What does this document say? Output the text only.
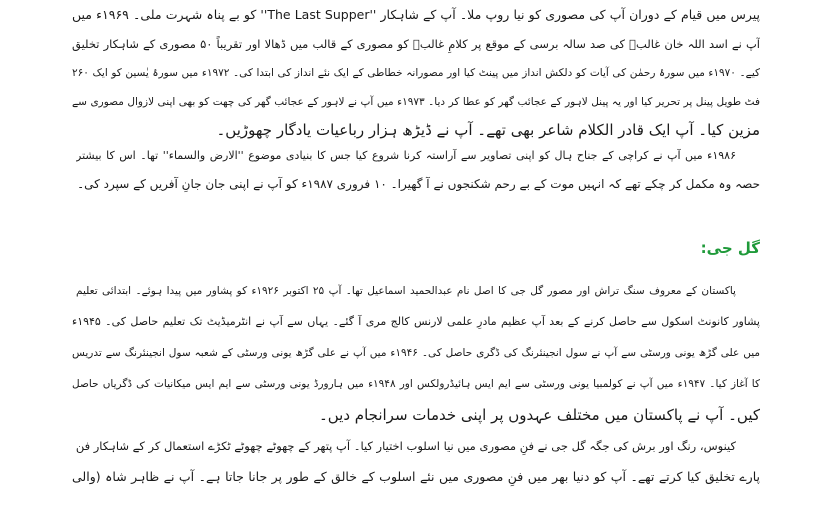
پیرس میں قیام کے دوران آپ کی مصوری کو نیا روپ ملا۔ آپ کے شاہکار ''The Last Supper'' کو بے پناہ شہرت ملی۔ ۱۹۶۹ء میں
آپ نے اسد اللہ خان غالبؔ کی صد سالہ برسی کے موقع پر کلامِ غالبؔ کو مصوری کے قالب میں ڈھالا اور تقریباً ۵۰ مصوری کے شاہکار تخلیق
کیے۔ ۱۹۷۰ء میں سورۂ رحمٰن کی آیات کو دلکش انداز میں پینٹ کیا اور مصورانہ خطاطی کے ایک نئے انداز کی ابتدا کی۔ ۱۹۷۲ء میں سورۂ یٰسین کو ایک ۲۶۰
فٹ طویل پینل پر تحریر کیا اور یہ پینل لاہور کے عجائب گھر کو عطا کر دیا۔ ۱۹۷۳ء میں آپ نے لاہور کے عجائب گھر کی چھت کو بھی اپنی لازوال مصوری سے
مزین کیا۔ آپ ایک قادر الکلام شاعر بھی تھے۔ آپ نے ڈیڑھ ہزار رباعیات یادگار چھوڑیں۔
۱۹۸۶ء میں آپ نے کراچی کے جناح ہال کو اپنی تصاویر سے آراستہ کرنا شروع کیا جس کا بنیادی موضوع ''الارض والسماء'' تھا۔ اس کا بیشتر
حصہ وہ مکمل کر چکے تھے کہ انہیں موت کے بے رحم شکنجوں نے آ گھیرا۔ ۱۰ فروری ۱۹۸۷ء کو آپ نے اپنی جان جانِ آفریں کے سپرد کی۔
گل جی:
پاکستان کے معروف سنگ تراش اور مصور گل جی کا اصل نام عبدالحمید اسماعیل تھا۔ آپ ۲۵ اکتوبر ۱۹۲۶ء کو پشاور میں پیدا ہوئے۔ ابتدائی تعلیم
پشاور کانونٹ اسکول سے حاصل کرنے کے بعد آپ عظیم مادرِ علمی لارنس کالج مری آ گئے۔ یہاں سے آپ نے انٹرمیڈیٹ تک تعلیم حاصل کی۔ ۱۹۴۵ء
میں علی گڑھ یونی ورسٹی سے آپ نے سول انجینئرنگ کی ڈگری حاصل کی۔ ۱۹۴۶ء میں آپ نے علی گڑھ یونی ورسٹی کے شعبہ سول انجینئرنگ سے تدریس
کا آغاز کیا۔ ۱۹۴۷ء میں آپ نے کولمبیا یونی ورسٹی سے ایم ایس ہائیڈرولکس اور ۱۹۴۸ء میں ہارورڈ یونی ورسٹی سے ایم ایس میکانیات کی ڈگریاں حاصل
کیں۔ آپ نے پاکستان میں مختلف عہدوں پر اپنی خدمات سرانجام دیں۔
کینوس، رنگ اور برش کی جگہ گل جی نے فنِ مصوری میں نیا اسلوب اختیار کیا۔ آپ پتھر کے چھوٹے چھوٹے ٹکڑے استعمال کر کے شاہکار فن
پارے تخلیق کیا کرتے تھے۔ آپ کو دنیا بھر میں فنِ مصوری میں نئے اسلوب کے خالق کے طور پر جانا جاتا ہے۔ آپ نے ظاہر شاہ (والی
